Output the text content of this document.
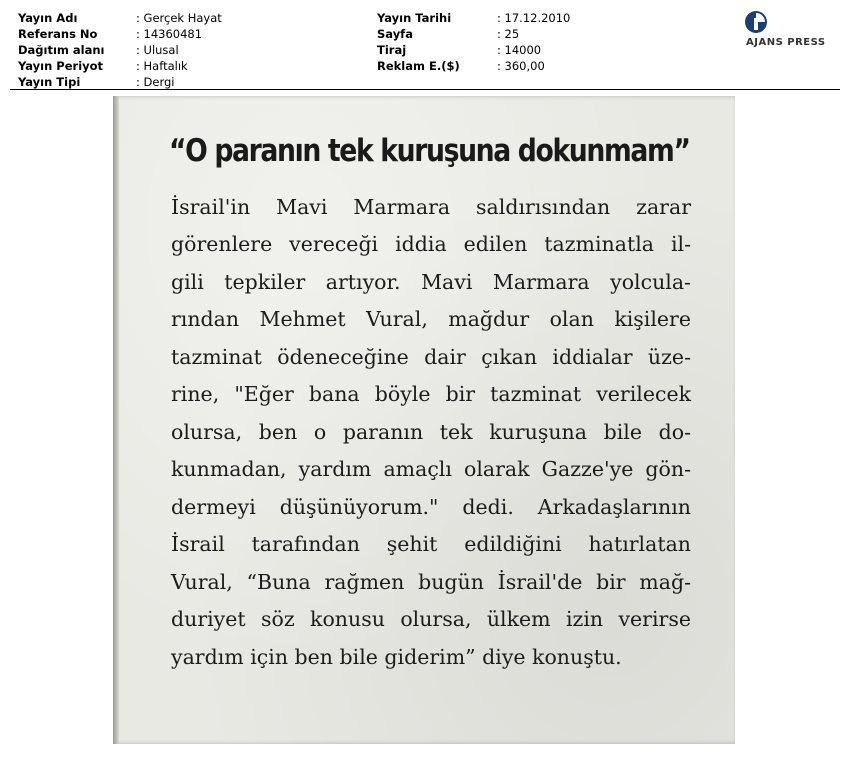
Yayın Adı	: Gerçek Hayat
Referans No	: 14360481
Dağıtım alanı	: Ulusal
Yayın Periyot	: Haftalık
Yayın Tipi	: Dergi
Yayın Tarihi	: 17.12.2010
Sayfa	: 25
Tiraj	: 14000
Reklam E.($)	: 360,00
AJANS PRESS
“O paranın tek kuruşuna dokunmam”
İsrail'in Mavi Marmara saldırısından zarar
görenlere vereceği iddia edilen tazminatla il-
gili tepkiler artıyor. Mavi Marmara yolcula-
rından Mehmet Vural, mağdur olan kişilere
tazminat ödeneceğine dair çıkan iddialar üze-
rine, "Eğer bana böyle bir tazminat verilecek
olursa, ben o paranın tek kuruşuna bile do-
kunmadan, yardım amaçlı olarak Gazze'ye gön-
dermeyi düşünüyorum." dedi. Arkadaşlarının
İsrail tarafından şehit edildiğini hatırlatan
Vural, “Buna rağmen bugün İsrail'de bir mağ-
duriyet söz konusu olursa, ülkem izin verirse
yardım için ben bile giderim” diye konuştu.
